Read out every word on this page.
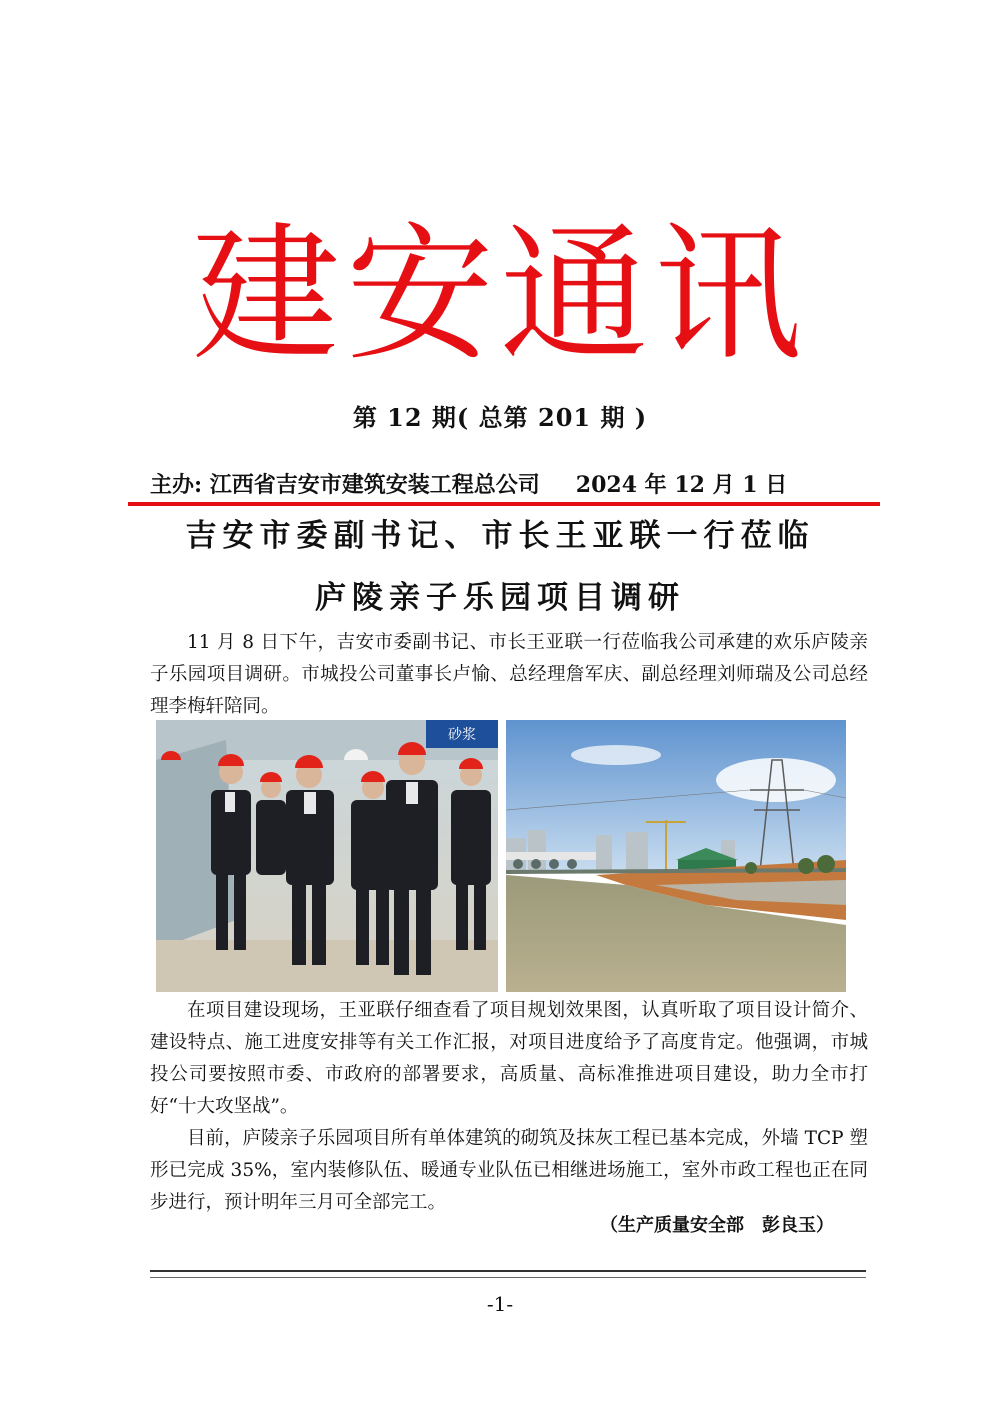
建安通讯
第 12 期( 总第 201 期 )
主办: 江西省吉安市建筑安装工程总公司 2024 年 12 月 1 日
吉安市委副书记、市长王亚联一行莅临
庐陵亲子乐园项目调研

11 月 8 日下午，吉安市委副书记、市长王亚联一行莅临我公司承建的欢乐庐陵亲子乐园项目调研。市城投公司董事长卢愉、总经理詹军庆、副总经理刘师瑞及公司总经理李梅轩陪同。

砂浆

在项目建设现场，王亚联仔细查看了项目规划效果图，认真听取了项目设计简介、建设特点、施工进度安排等有关工作汇报，对项目进度给予了高度肯定。他强调，市城投公司要按照市委、市政府的部署要求，高质量、高标准推进项目建设，助力全市打好“十大攻坚战”。

目前，庐陵亲子乐园项目所有单体建筑的砌筑及抹灰工程已基本完成，外墙 TCP 塑形已完成 35%，室内装修队伍、暖通专业队伍已相继进场施工，室外市政工程也正在同步进行，预计明年三月可全部完工。

（生产质量安全部　彭良玉）
-1-
